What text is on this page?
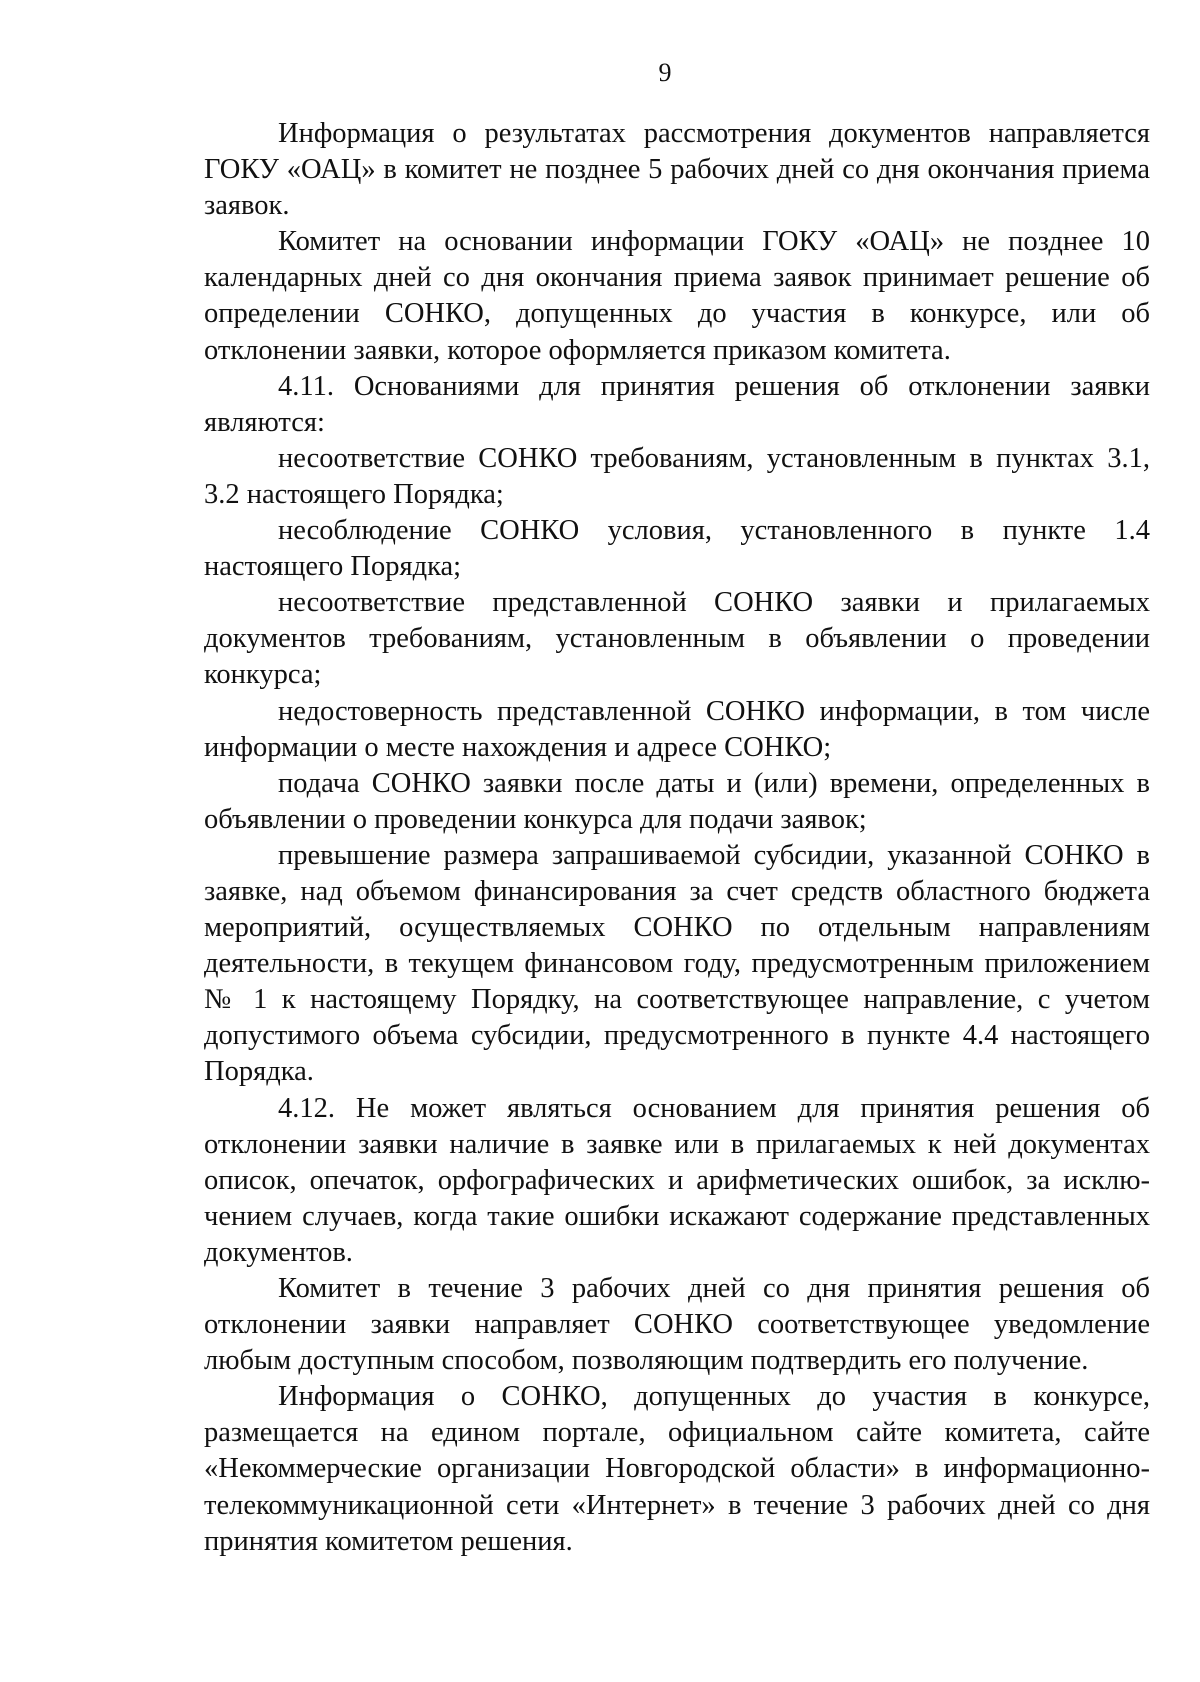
9

Информация о результатах рассмотрения документов направляется ГОКУ «ОАЦ» в комитет не позднее 5 рабочих дней со дня окончания приема заявок.

Комитет на основании информации ГОКУ «ОАЦ» не позднее 10 календарных дней со дня окончания приема заявок принимает решение об определении СОНКО, допущенных до участия в конкурсе, или об отклонении заявки, которое оформляется приказом комитета.

4.11. Основаниями для принятия решения об отклонении заявки являются:

несоответствие СОНКО требованиям, установленным в пунктах 3.1, 3.2 настоящего Порядка;

несоблюдение СОНКО условия, установленного в пункте 1.4 настоящего Порядка;

несоответствие представленной СОНКО заявки и прилагаемых документов требованиям, установленным в объявлении о проведении конкурса;

недостоверность представленной СОНКО информации, в том числе информации о месте нахождения и адресе СОНКО;

подача СОНКО заявки после даты и (или) времени, определенных в объявлении о проведении конкурса для подачи заявок;

превышение размера запрашиваемой субсидии, указанной СОНКО в заявке, над объемом финансирования за счет средств областного бюджета мероприятий, осуществляемых СОНКО по отдельным направлениям деятельности, в текущем финансовом году, предусмотренным приложением № 1 к настоящему Порядку, на соответствующее направление, с учетом допустимого объема субсидии, предусмотренного в пункте 4.4 настоящего Порядка.

4.12. Не может являться основанием для принятия решения об отклонении заявки наличие в заявке или в прилагаемых к ней документах описок, опечаток, орфографических и арифметических ошибок, за исключением случаев, когда такие ошибки искажают содержание представленных документов.

Комитет в течение 3 рабочих дней со дня принятия решения об отклонении заявки направляет СОНКО соответствующее уведомление любым доступным способом, позволяющим подтвердить его получение.

Информация о СОНКО, допущенных до участия в конкурсе, размещается на едином портале, официальном сайте комитета, сайте «Некоммерческие организации Новгородской области» в информационно-телекоммуникационной сети «Интернет» в течение 3 рабочих дней со дня принятия комитетом решения.
